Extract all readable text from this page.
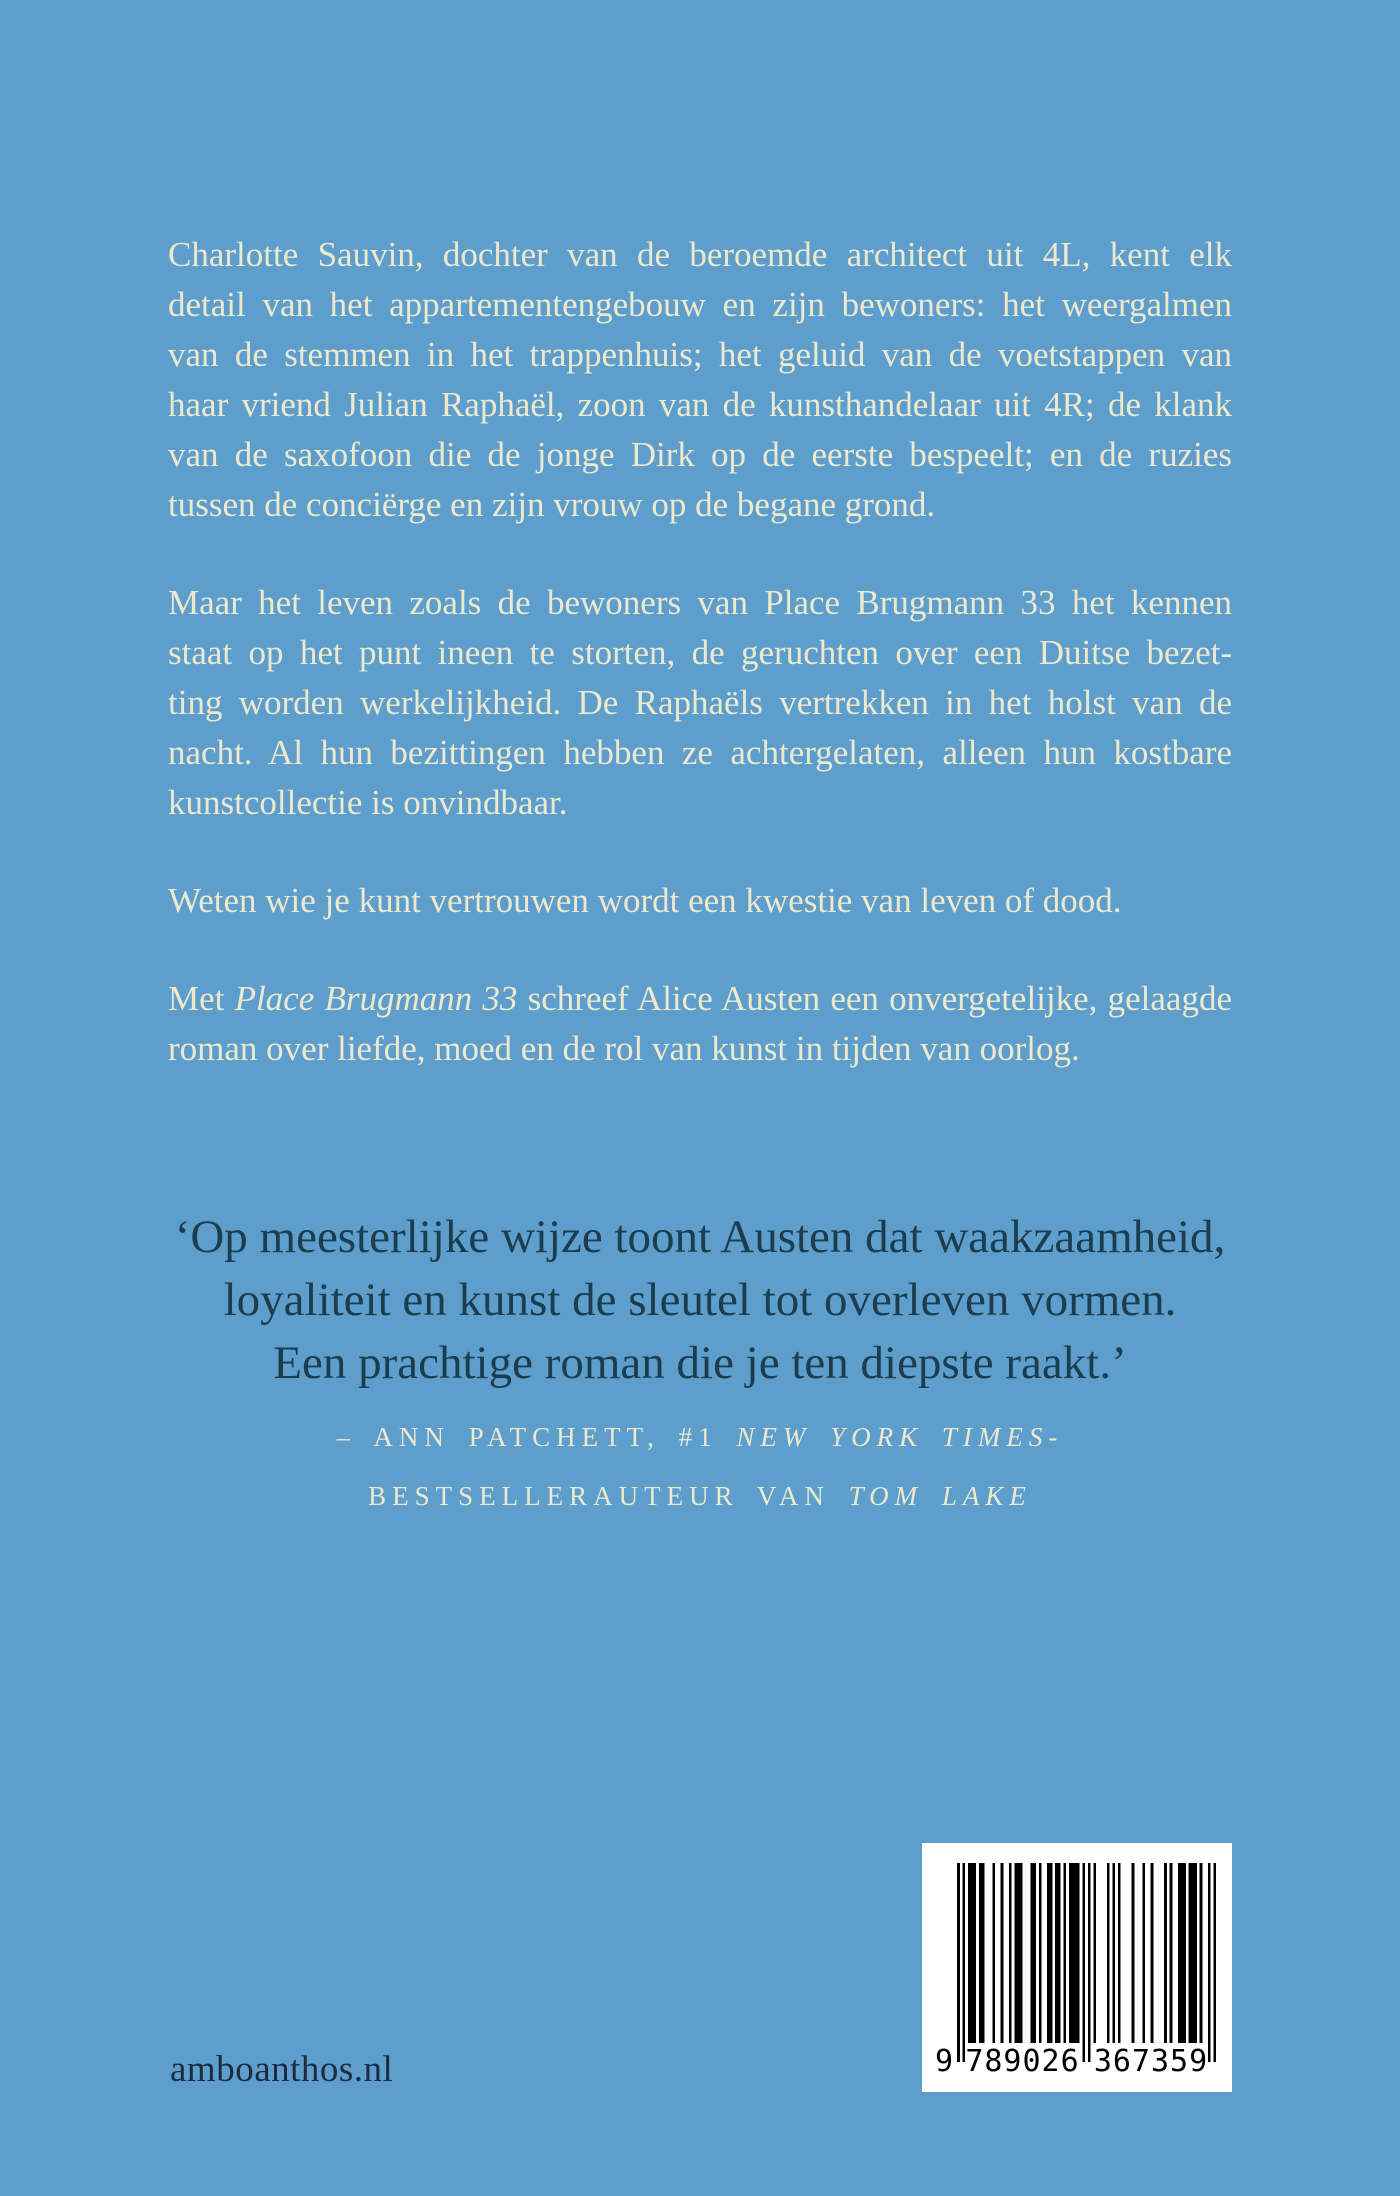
Charlotte Sauvin, dochter van de beroemde architect uit 4L, kent elk
detail van het appartementengebouw en zijn bewoners: het weergalmen
van de stemmen in het trappenhuis; het geluid van de voetstappen van
haar vriend Julian Raphaël, zoon van de kunsthandelaar uit 4R; de klank
van de saxofoon die de jonge Dirk op de eerste bespeelt; en de ruzies
tussen de conciërge en zijn vrouw op de begane grond.
Maar het leven zoals de bewoners van Place Brugmann 33 het kennen
staat op het punt ineen te storten, de geruchten over een Duitse bezet-
ting worden werkelijkheid. De Raphaëls vertrekken in het holst van de
nacht. Al hun bezittingen hebben ze achtergelaten, alleen hun kostbare
kunstcollectie is onvindbaar.
Weten wie je kunt vertrouwen wordt een kwestie van leven of dood.
Met Place Brugmann 33 schreef Alice Austen een onvergetelijke, gelaagde
roman over liefde, moed en de rol van kunst in tijden van oorlog.
‘Op meesterlijke wijze toont Austen dat waakzaamheid,
loyaliteit en kunst de sleutel tot overleven vormen.
Een prachtige roman die je ten diepste raakt.’
– ANN PATCHETT, #1 NEW YORK TIMES-
BESTSELLERAUTEUR VAN TOM LAKE
9 789026 367359
amboanthos.nl
